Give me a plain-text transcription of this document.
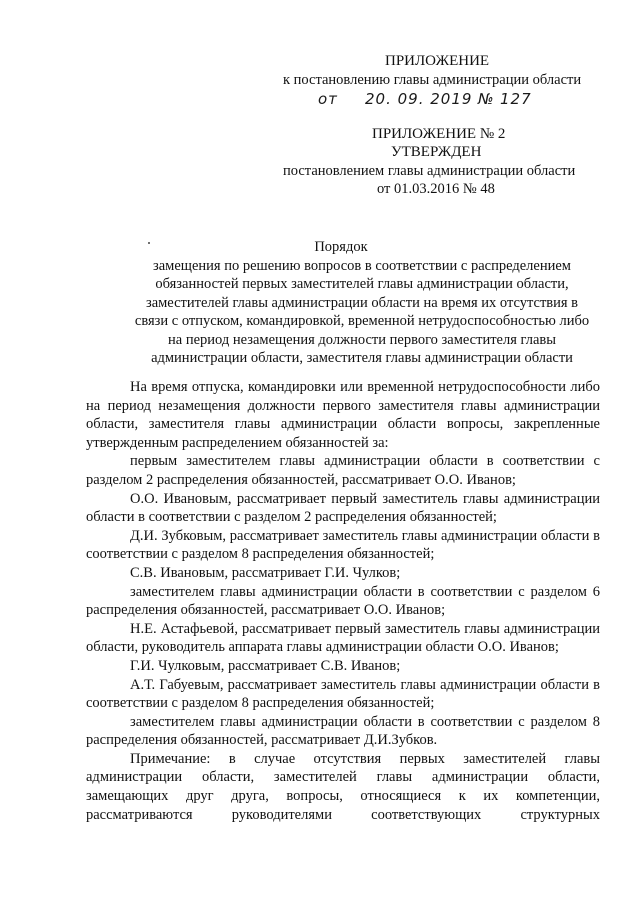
ПРИЛОЖЕНИЕ
к постановлению главы администрации области
от 20. 09. 2019 № 127
ПРИЛОЖЕНИЕ № 2
УТВЕРЖДЕН
постановлением главы администрации области
от 01.03.2016 № 48
Порядок
замещения по решению вопросов в соответствии с распределением
обязанностей первых заместителей главы администрации области,
заместителей главы администрации области на время их отсутствия в
связи с отпуском, командировкой, временной нетрудоспособностью либо
на период незамещения должности первого заместителя главы
администрации области, заместителя главы администрации области

На время отпуска, командировки или временной нетрудоспособности либо на период незамещения должности первого заместителя главы администрации области, заместителя главы администрации области вопросы, закрепленные утвержденным распределением обязанностей за:

первым заместителем главы администрации области в соответствии с разделом 2 распределения обязанностей, рассматривает О.О. Иванов;

О.О. Ивановым, рассматривает первый заместитель главы администрации области в соответствии с разделом 2 распределения обязанностей;

Д.И. Зубковым, рассматривает заместитель главы администрации области в соответствии с разделом 8 распределения обязанностей;

С.В. Ивановым, рассматривает Г.И. Чулков;

заместителем главы администрации области в соответствии с разделом 6 распределения обязанностей, рассматривает О.О. Иванов;

Н.Е. Астафьевой, рассматривает первый заместитель главы администрации области, руководитель аппарата главы администрации области О.О. Иванов;

Г.И. Чулковым, рассматривает С.В. Иванов;

А.Т. Габуевым, рассматривает заместитель главы администрации области в соответствии с разделом 8 распределения обязанностей;

заместителем главы администрации области в соответствии с разделом 8 распределения обязанностей, рассматривает Д.И.Зубков.

Примечание: в случае отсутствия первых заместителей главы администрации области, заместителей главы администрации области, замещающих друг друга, вопросы, относящиеся к их компетенции, рассматриваются руководителями соответствующих структурных
